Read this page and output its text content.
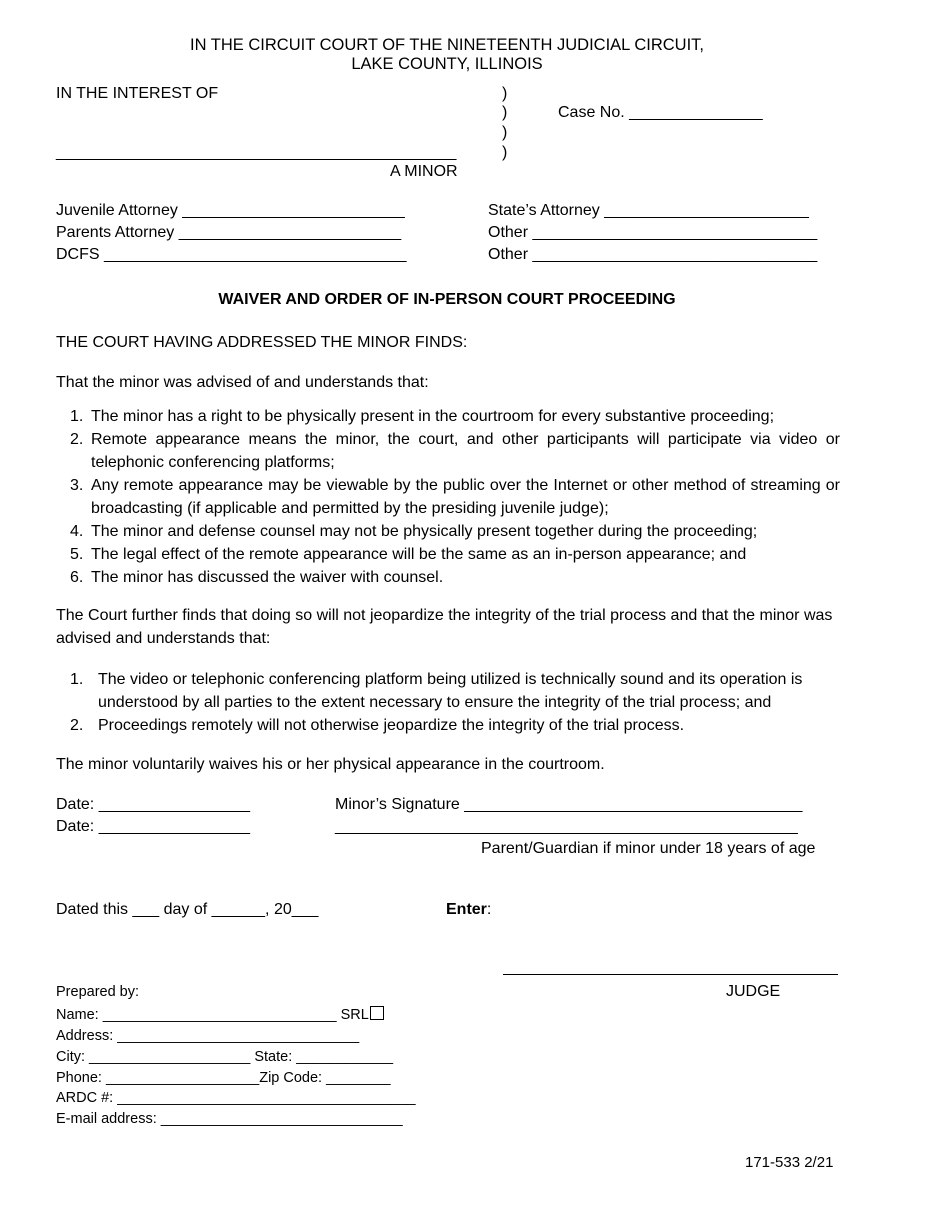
IN THE CIRCUIT COURT OF THE NINETEENTH JUDICIAL CIRCUIT,
LAKE COUNTY, ILLINOIS
IN THE INTEREST OF	)
)
)
)
Case No. _______________
_____________________________________________
A MINOR
Juvenile Attorney _________________________
Parents Attorney _________________________
DCFS __________________________________
State’s Attorney _______________________
Other ________________________________
Other ________________________________
WAIVER AND ORDER OF IN-PERSON COURT PROCEEDING
THE COURT HAVING ADDRESSED THE MINOR FINDS:
That the minor was advised of and understands that:
1. The minor has a right to be physically present in the courtroom for every substantive proceeding;
2. Remote appearance means the minor, the court, and other participants will participate via video or telephonic conferencing platforms;
3. Any remote appearance may be viewable by the public over the Internet or other method of streaming or broadcasting (if applicable and permitted by the presiding juvenile judge);
4. The minor and defense counsel may not be physically present together during the proceeding;
5. The legal effect of the remote appearance will be the same as an in-person appearance; and
6. The minor has discussed the waiver with counsel.
The Court further finds that doing so will not jeopardize the integrity of the trial process and that the minor was advised and understands that:
1. The video or telephonic conferencing platform being utilized is technically sound and its operation is understood by all parties to the extent necessary to ensure the integrity of the trial process; and
2. Proceedings remotely will not otherwise jeopardize the integrity of the trial process.
The minor voluntarily waives his or her physical appearance in the courtroom.
Date: _________________
Date: _________________
Minor’s Signature ______________________________________
____________________________________________________
Parent/Guardian if minor under 18 years of age
Dated this ___ day of ______, 20___	Enter:
JUDGE
Prepared by:
Name: _____________________________ SRL
Address: ______________________________
City: ____________________ State: ____________
Phone: ___________________Zip Code: ________
ARDC #: _____________________________________
E-mail address: ______________________________
171-533 2/21
